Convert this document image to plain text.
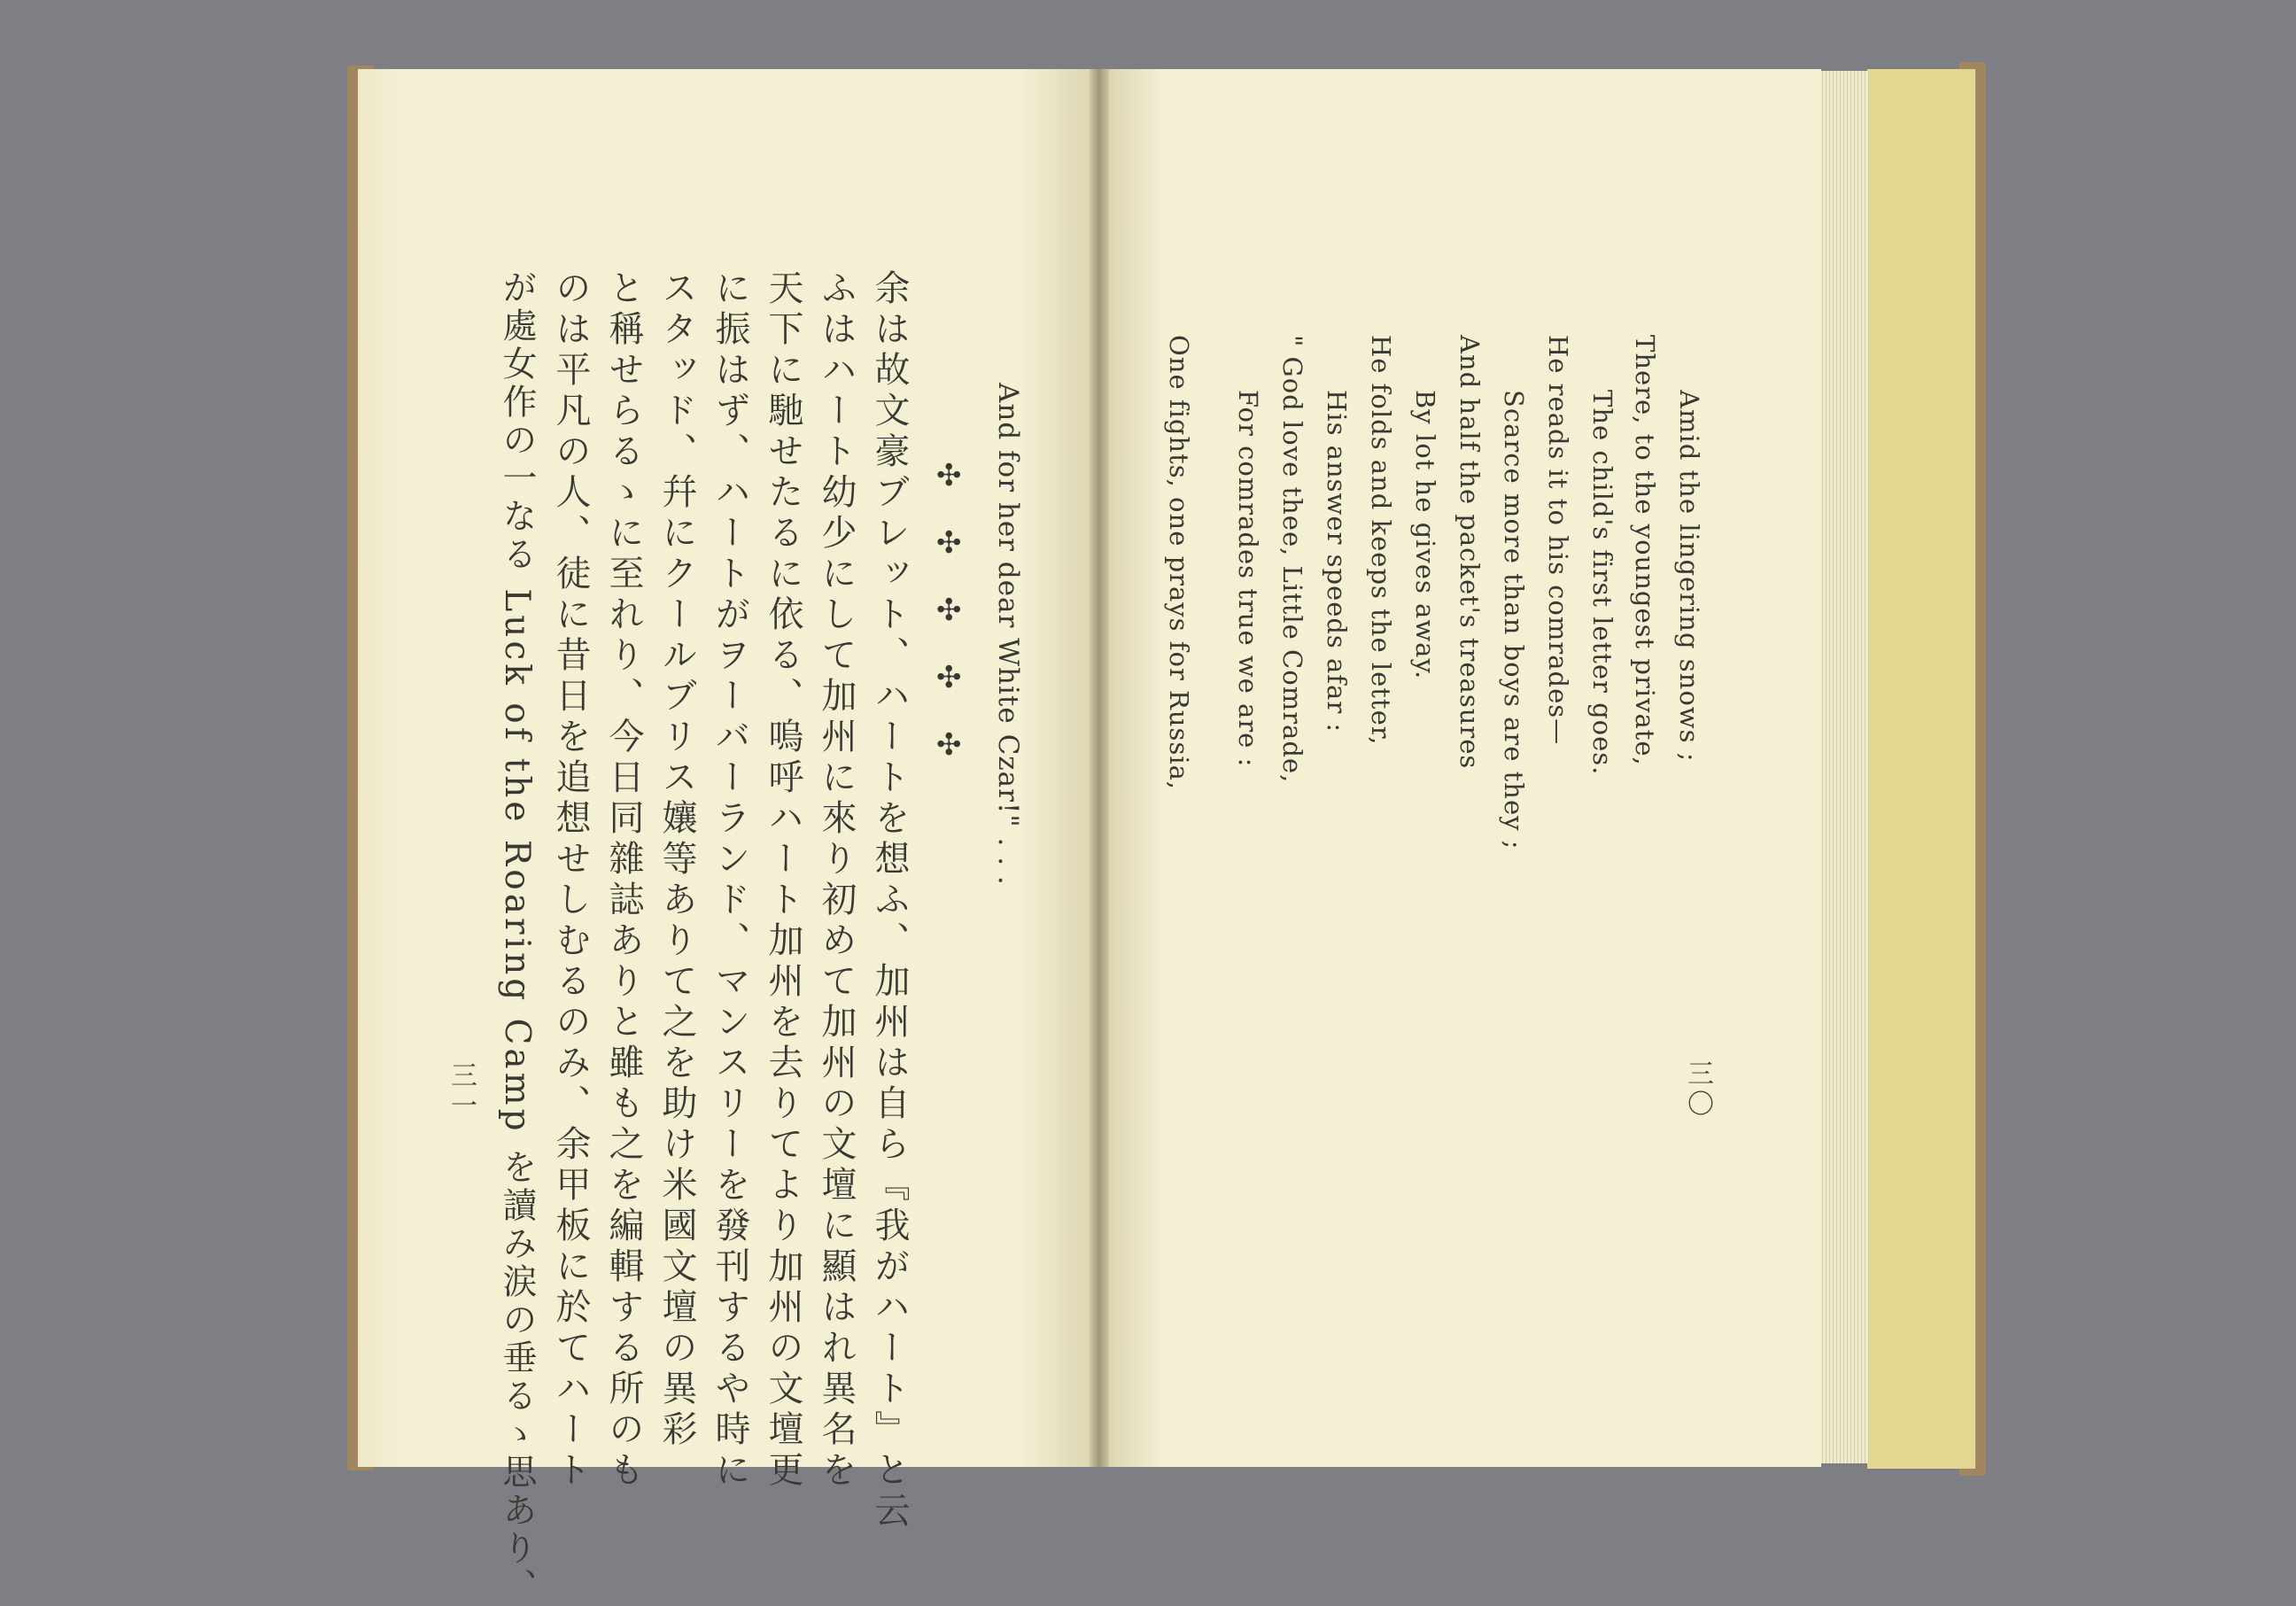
And for her dear White Czar!" . . .
✣
✣
✣
✣
✣
余は故文豪ブレット、ハートを想ふ、加州は自ら『我がハート』と云
ふはハート幼少にして加州に來り初めて加州の文壇に顯はれ異名を
天下に馳せたるに依る、嗚呼ハート加州を去りてより加州の文壇更
に振はず、ハートがヲーバーランド、マンスリーを發刊するや時に
スタッド、幷にクールブリス孃等ありて之を助け米國文壇の異彩
と稱せらるゝに至れり、今日同雜誌ありと雖も之を編輯する所のも
のは平凡の人、徒に昔日を追想せしむるのみ、余甲板に於てハート
が處女作の一なる Luck of the Roaring Camp を讀み涙の垂るゝ思あり、
三一
Amid the lingering snows ;
There, to the youngest private,
The child's first letter goes.
He reads it to his comrades—
Scarce more than boys are they ;
And half the packet's treasures
By lot he gives away.
He folds and keeps the letter,
His answer speeds afar :
" God love thee, Little Comrade,
For comrades true we are :
One fights, one prays for Russia,
三〇
